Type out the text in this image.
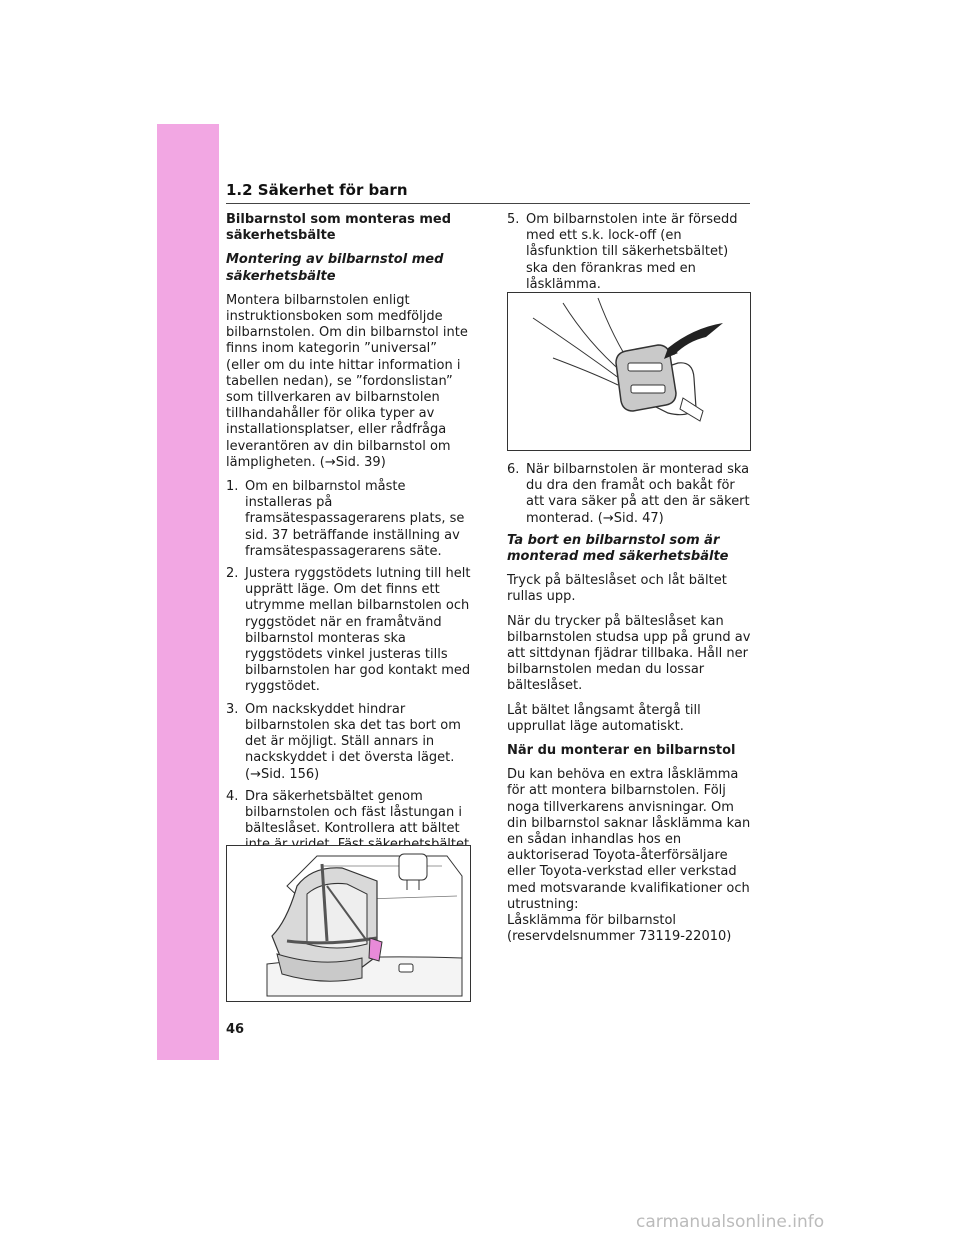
1.2 Säkerhet för barn

Bilbarnstol som monteras med säkerhetsbälte

Montering av bilbarnstol med säkerhetsbälte

Montera bilbarnstolen enligt instruktionsboken som medföljde bilbarnstolen. Om din bilbarnstol inte finns inom kategorin ”universal” (eller om du inte hittar information i tabellen nedan), se ”fordonslistan” som tillverkaren av bilbarnstolen tillhandahåller för olika typer av installationsplatser, eller rådfråga leverantören av din bilbarnstol om lämpligheten. (→Sid. 39)

1. Om en bilbarnstol måste installeras på framsätespassagerarens plats, se sid. 37 beträffande inställning av framsätespassagerarens säte.
2. Justera ryggstödets lutning till helt upprätt läge. Om det finns ett utrymme mellan bilbarnstolen och ryggstödet när en framåtvänd bilbarnstol monteras ska ryggstödets vinkel justeras tills bilbarnstolen har god kontakt med ryggstödet.
3. Om nackskyddet hindrar bilbarnstolen ska det tas bort om det är möjligt. Ställ annars in nackskyddet i det översta läget. (→Sid. 156)
4. Dra säkerhetsbältet genom bilbarnstolen och fäst låstungan i bälteslåset. Kontrollera att bältet
5. Om bilbarnstolen inte är försedd med ett s.k. lock-off (en låsfunktion till säkerhetsbältet) ska den förankras med en låsklämma.
6. När bilbarnstolen är monterad ska du dra den framåt och bakåt för att vara säker på att den är säkert monterad. (→Sid. 47)

Ta bort en bilbarnstol som är monterad med säkerhetsbälte

Tryck på bälteslåset och låt bältet rullas upp.

När du trycker på bälteslåset kan bilbarnstolen studsa upp på grund av att sittdynan fjädrar tillbaka. Håll ner bilbarnstolen medan du lossar bälteslåset.

Låt bältet långsamt återgå till upprullat läge automatiskt.

När du monterar en bilbarnstol

Du kan behöva en extra låsklämma för att montera bilbarnstolen. Följ noga tillverkarens anvisningar. Om din bilbarnstol saknar låsklämma kan en sådan inhandlas hos en auktoriserad Toyota-återförsäljare eller Toyota-verkstad eller verkstad med motsvarande kvalifikationer och utrustning:

Låsklämma för bilbarnstol
(reservdelsnummer 73119-22010)
46
carmanualsonline.info
